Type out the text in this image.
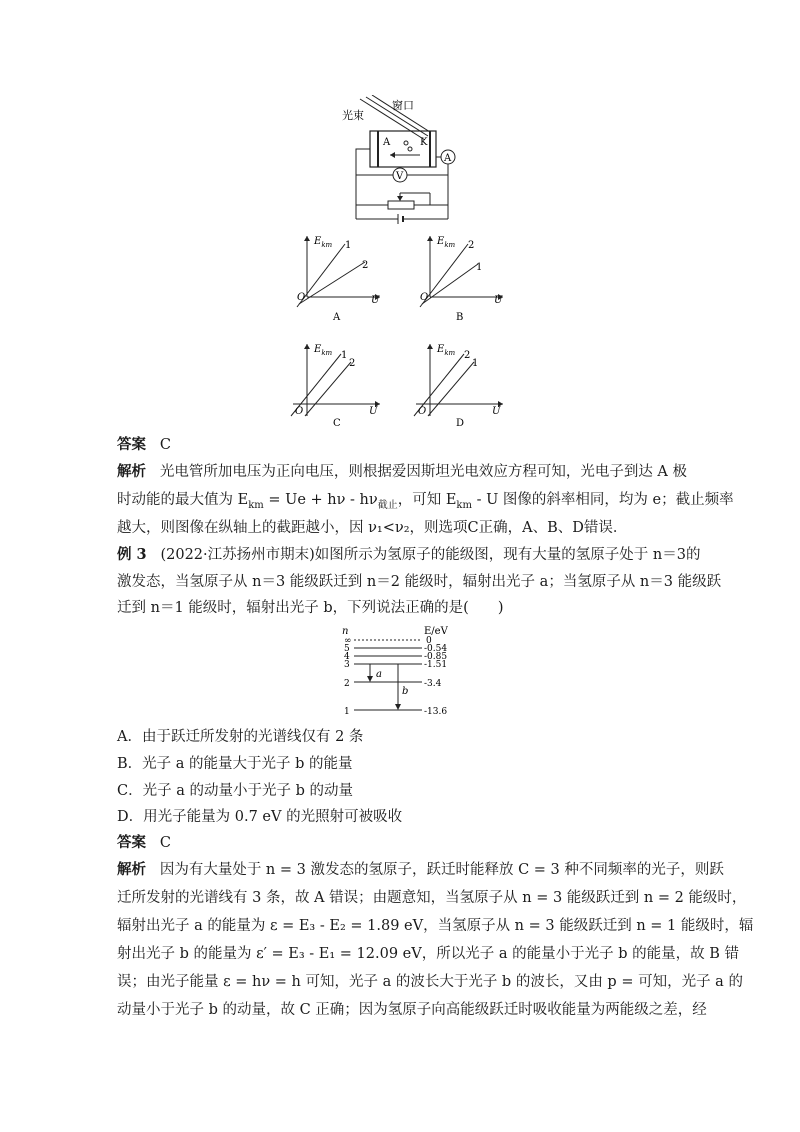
光束
窗口
A	K
A
V
$E_{km}$ 1
2
O	U
A
$E_{km}$ 2
1
O	U
B
$E_{km}$ 1
2
O	U
C
$E_{km}$ 2
1
O	U
D
答案 C
解析 光电管所加电压为正向电压，则根据爱因斯坦光电效应方程可知，光电子到达 A 极
时动能的最大值为 $E_{km} = Ue + h\nu - h\nu_{截止}$，可知 $E_{km}$ - U 图像的斜率相同，均为 e；截止频率
越大，则图像在纵轴上的截距越小，因 ν₁<ν₂，则选项C正确，A、B、D错误．
例 3 (2022·江苏扬州市期末)如图所示为氢原子的能级图，现有大量的氢原子处于 n＝3的
激发态，当氢原子从 n＝3 能级跃迁到 n＝2 能级时，辐射出光子 a；当氢原子从 n＝3 能级跃
迁到 n＝1 能级时，辐射出光子 b，下列说法正确的是(　　)
n	E/eV
∞	0
5	-0.54
4	-0.85
3	-1.51
2	-3.4
1	-13.6
a
b
A．由于跃迁所发射的光谱线仅有 2 条
B．光子 a 的能量大于光子 b 的能量
C．光子 a 的动量小于光子 b 的动量
D．用光子能量为 0.7 eV 的光照射可被吸收
答案 C
解析 因为有大量处于 n = 3 激发态的氢原子，跃迁时能释放 C = 3 种不同频率的光子，则跃
迁所发射的光谱线有 3 条，故 A 错误；由题意知，当氢原子从 n = 3 能级跃迁到 n = 2 能级时，
辐射出光子 a 的能量为 ε = E₃ - E₂ = 1.89 eV，当氢原子从 n = 3 能级跃迁到 n = 1 能级时，辐
射出光子 b 的能量为 ε′ = E₃ - E₁ = 12.09 eV，所以光子 a 的能量小于光子 b 的能量，故 B 错
误；由光子能量 ε = hν = h 可知，光子 a 的波长大于光子 b 的波长，又由 p = 可知，光子 a 的
动量小于光子 b 的动量，故 C 正确；因为氢原子向高能级跃迁时吸收能量为两能级之差，经
